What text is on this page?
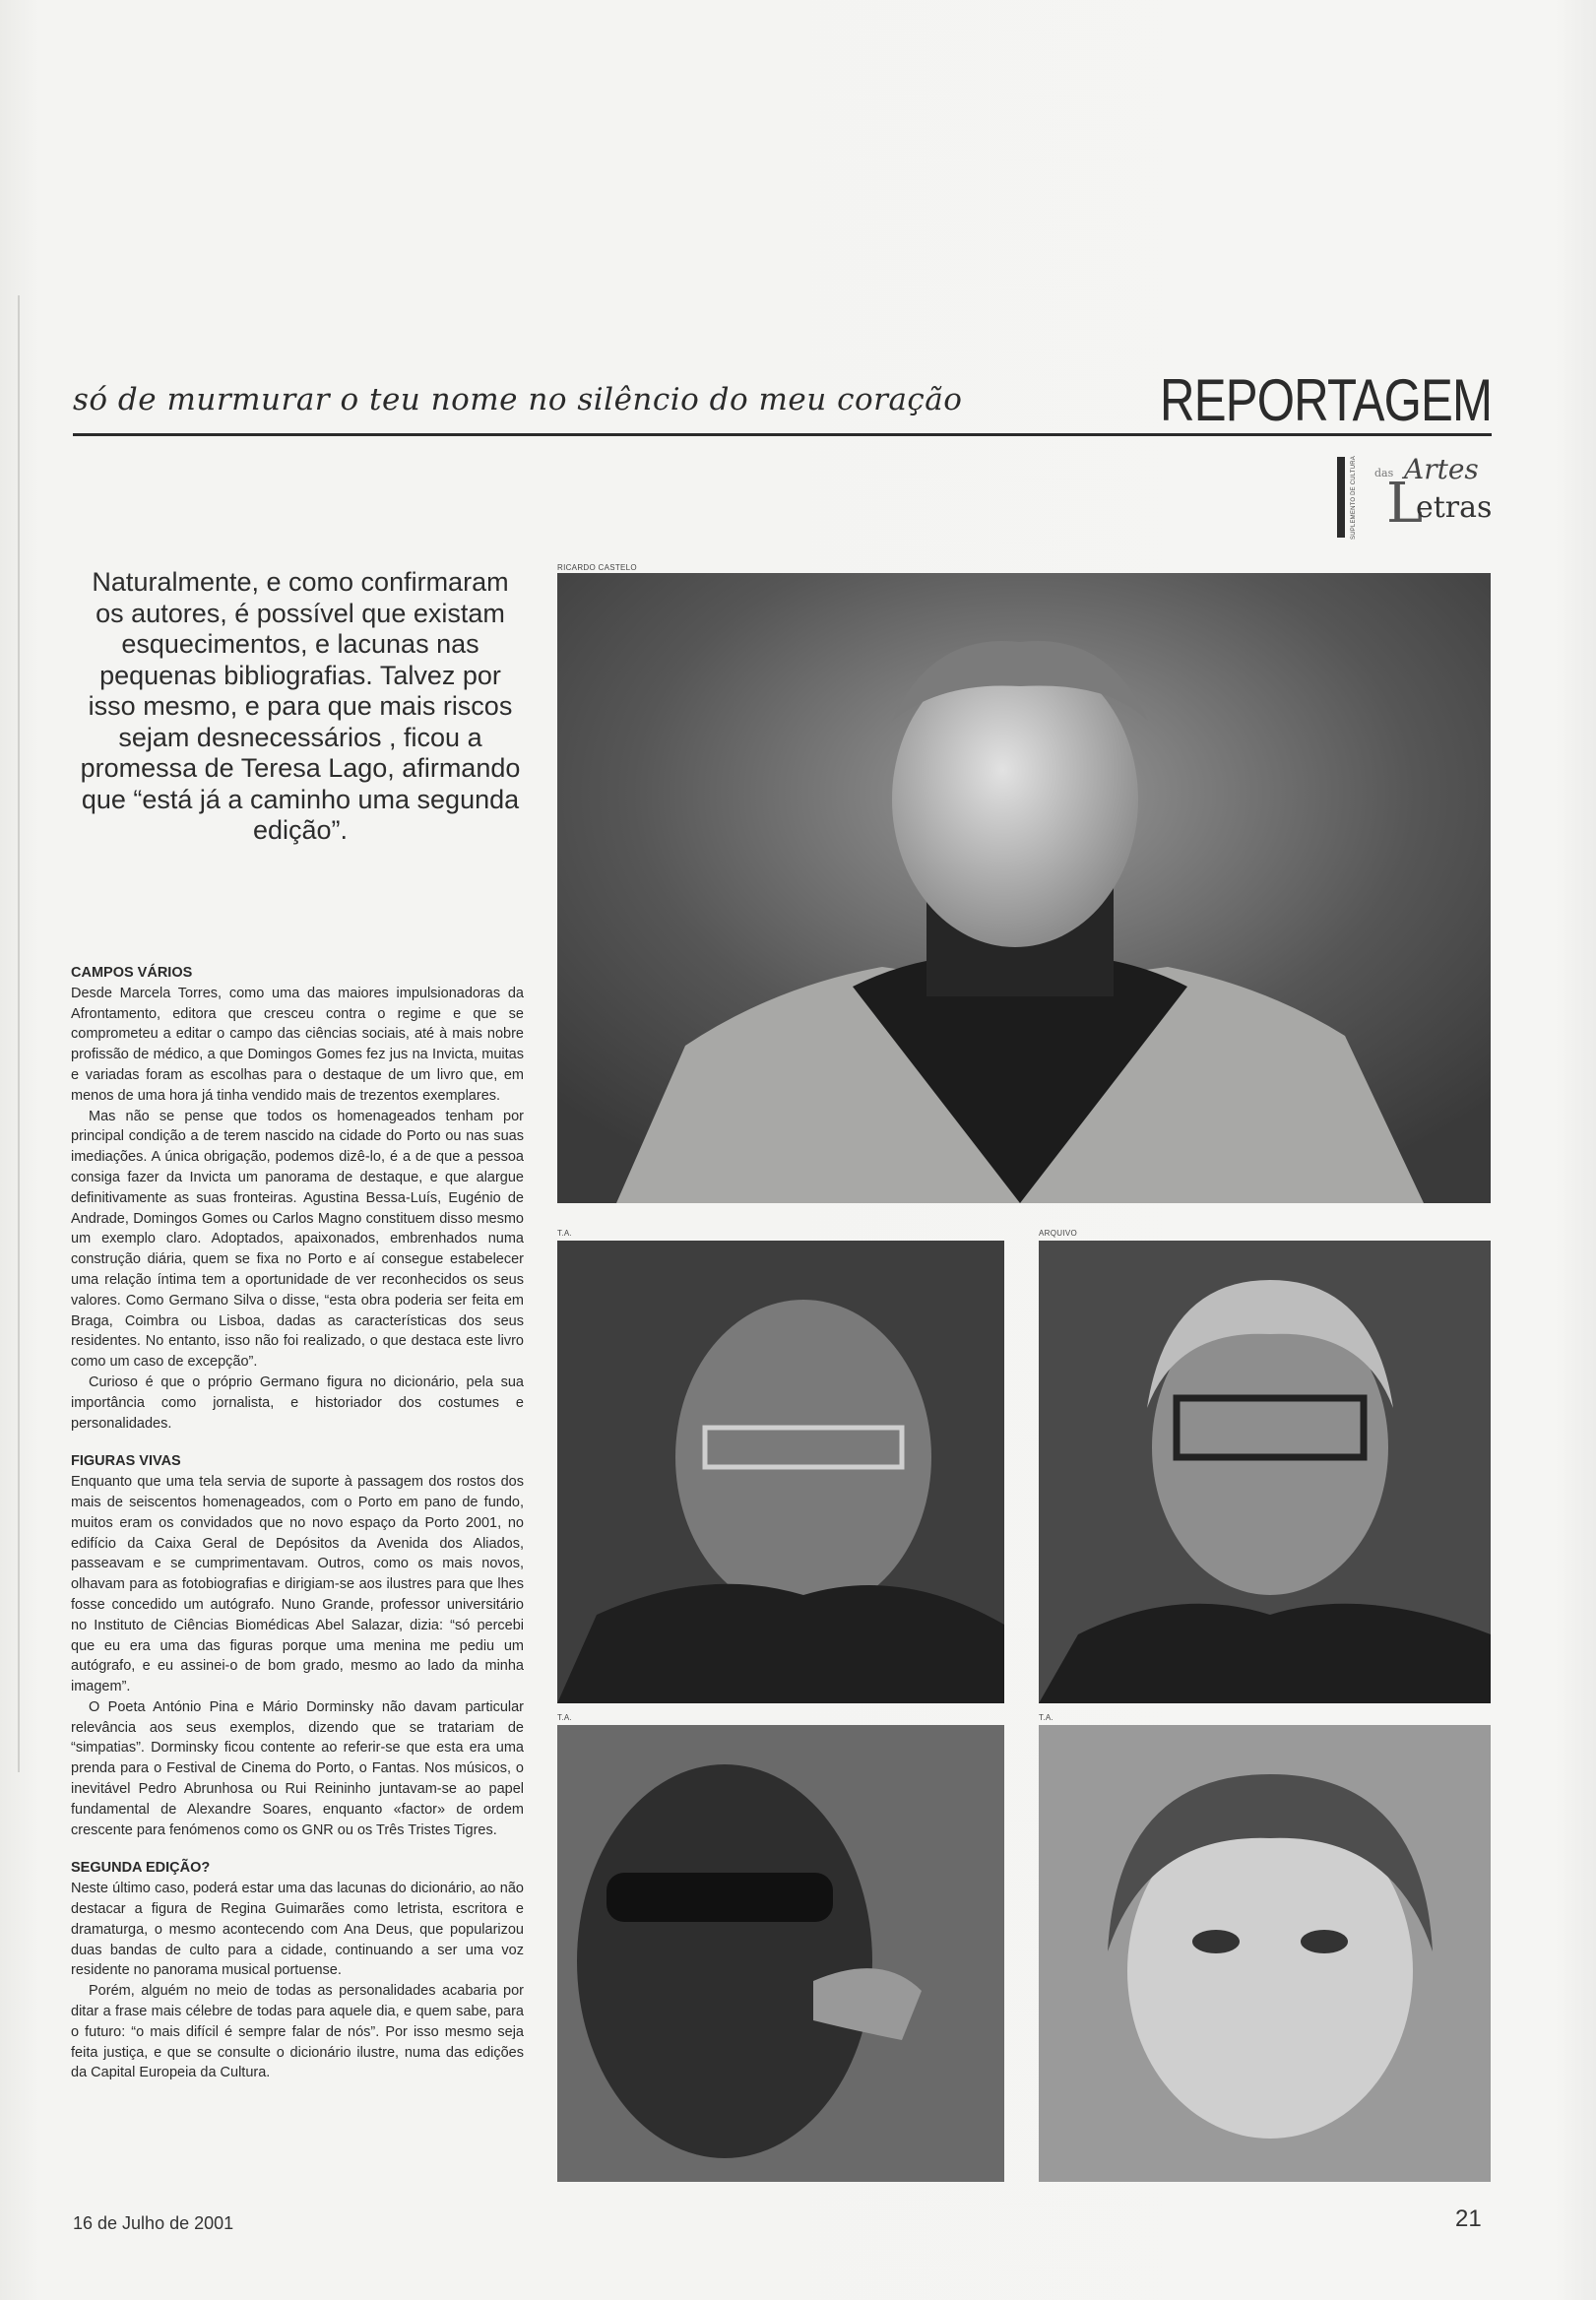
só de murmurar o teu nome no silêncio do meu coração	REPORTAGEM
SUPLEMENTO DE CULTURA das Artes
L
etras
Naturalmente, e como confirmaram os autores, é possível que existam esquecimentos, e lacunas nas pequenas bibliografias. Talvez por isso mesmo, e para que mais riscos sejam desnecessários , ficou a promessa de Teresa Lago, afirmando que “está já a caminho uma segunda edição”.
CAMPOS VÁRIOS

Desde Marcela Torres, como uma das maiores impulsionadoras da Afrontamento, editora que cresceu contra o regime e que se comprometeu a editar o campo das ciências sociais, até à mais nobre profissão de médico, a que Domingos Gomes fez jus na Invicta, muitas e variadas foram as escolhas para o destaque de um livro que, em menos de uma hora já tinha vendido mais de trezentos exemplares.

Mas não se pense que todos os homenageados tenham por principal condição a de terem nascido na cidade do Porto ou nas suas imediações. A única obrigação, podemos dizê-lo, é a de que a pessoa consiga fazer da Invicta um panorama de destaque, e que alargue definitivamente as suas fronteiras. Agustina Bessa-Luís, Eugénio de Andrade, Domingos Gomes ou Carlos Magno constituem disso mesmo um exemplo claro. Adoptados, apaixonados, embrenhados numa construção diária, quem se fixa no Porto e aí consegue estabelecer uma relação íntima tem a oportunidade de ver reconhecidos os seus valores. Como Germano Silva o disse, “esta obra poderia ser feita em Braga, Coimbra ou Lisboa, dadas as características dos seus residentes. No entanto, isso não foi realizado, o que destaca este livro como um caso de excepção”.

Curioso é que o próprio Germano figura no dicionário, pela sua importância como jornalista, e historiador dos costumes e personalidades.

FIGURAS VIVAS

Enquanto que uma tela servia de suporte à passagem dos rostos dos mais de seiscentos homenageados, com o Porto em pano de fundo, muitos eram os convidados que no novo espaço da Porto 2001, no edifício da Caixa Geral de Depósitos da Avenida dos Aliados, passeavam e se cumprimentavam. Outros, como os mais novos, olhavam para as fotobiografias e dirigiam-se aos ilustres para que lhes fosse concedido um autógrafo. Nuno Grande, professor universitário no Instituto de Ciências Biomédicas Abel Salazar, dizia: “só percebi que eu era uma das figuras porque uma menina me pediu um autógrafo, e eu assinei-o de bom grado, mesmo ao lado da minha imagem”.

O Poeta António Pina e Mário Dorminsky não davam particular relevância aos seus exemplos, dizendo que se tratariam de “simpatias”. Dorminsky ficou contente ao referir-se que esta era uma prenda para o Festival de Cinema do Porto, o Fantas. Nos músicos, o inevitável Pedro Abrunhosa ou Rui Reininho juntavam-se ao papel fundamental de Alexandre Soares, enquanto «factor» de ordem crescente para fenómenos como os GNR ou os Três Tristes Tigres.

SEGUNDA EDIÇÃO?

Neste último caso, poderá estar uma das lacunas do dicionário, ao não destacar a figura de Regina Guimarães como letrista, escritora e dramaturga, o mesmo acontecendo com Ana Deus, que popularizou duas bandas de culto para a cidade, continuando a ser uma voz residente no panorama musical portuense.

Porém, alguém no meio de todas as personalidades acabaria por ditar a frase mais célebre de todas para aquele dia, e quem sabe, para o futuro: “o mais difícil é sempre falar de nós”. Por isso mesmo seja feita justiça, e que se consulte o dicionário ilustre, numa das edições da Capital Europeia da Cultura.

RICARDO CASTELO
T.A.	ARQUIVO
T.A.	T.A.
16 de Julho de 2001	21
